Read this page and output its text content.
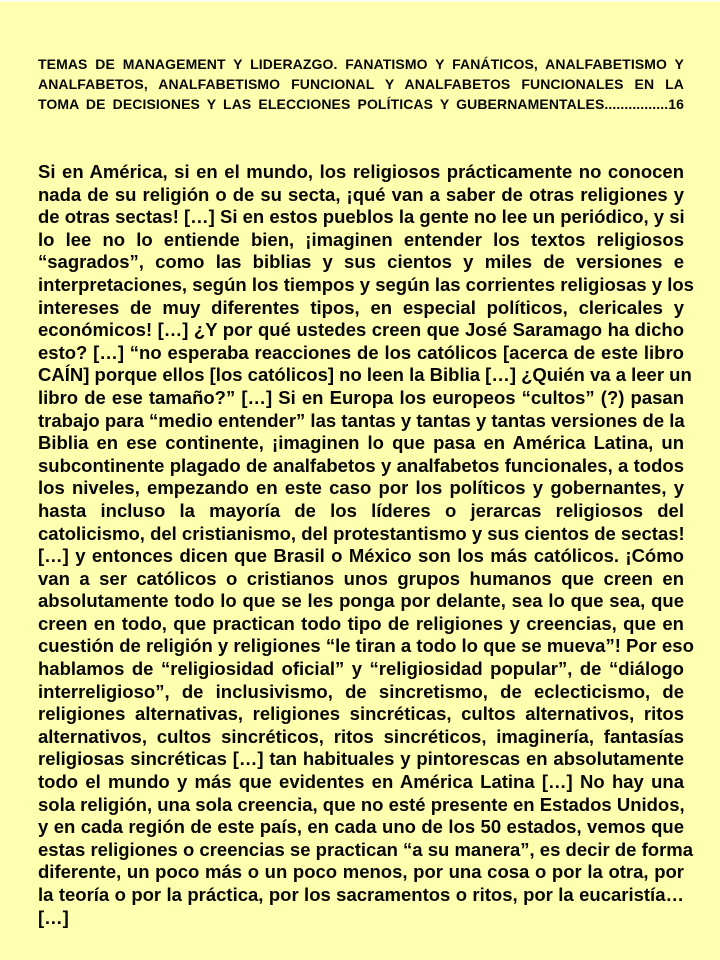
TEMAS DE MANAGEMENT Y LIDERAZGO. FANATISMO Y FANÁTICOS, ANALFABETISMO Y
ANALFABETOS, ANALFABETISMO FUNCIONAL Y ANALFABETOS FUNCIONALES EN LA
TOMA DE DECISIONES Y LAS ELECCIONES POLÍTICAS Y GUBERNAMENTALES................16
Si en América, si en el mundo, los religiosos prácticamente no conocen
nada de su religión o de su secta, ¡qué van a saber de otras religiones y
de otras sectas! […] Si en estos pueblos la gente no lee un periódico, y si
lo lee no lo entiende bien, ¡imaginen entender los textos religiosos
“sagrados”, como las biblias y sus cientos y miles de versiones e
interpretaciones, según los tiempos y según las corrientes religiosas y los
intereses de muy diferentes tipos, en especial políticos, clericales y
económicos! […] ¿Y por qué ustedes creen que José Saramago ha dicho
esto? […] “no esperaba reacciones de los católicos [acerca de este libro
CAÍN] porque ellos [los católicos] no leen la Biblia […] ¿Quién va a leer un
libro de ese tamaño?” […] Si en Europa los europeos “cultos” (?) pasan
trabajo para “medio entender” las tantas y tantas y tantas versiones de la
Biblia en ese continente, ¡imaginen lo que pasa en América Latina, un
subcontinente plagado de analfabetos y analfabetos funcionales, a todos
los niveles, empezando en este caso por los políticos y gobernantes, y
hasta incluso la mayoría de los líderes o jerarcas religiosos del
catolicismo, del cristianismo, del protestantismo y sus cientos de sectas!
[…] y entonces dicen que Brasil o México son los más católicos. ¡Cómo
van a ser católicos o cristianos unos grupos humanos que creen en
absolutamente todo lo que se les ponga por delante, sea lo que sea, que
creen en todo, que practican todo tipo de religiones y creencias, que en
cuestión de religión y religiones “le tiran a todo lo que se mueva”! Por eso
hablamos de “religiosidad oficial” y “religiosidad popular”, de “diálogo
interreligioso”, de inclusivismo, de sincretismo, de eclecticismo, de
religiones alternativas, religiones sincréticas, cultos alternativos, ritos
alternativos, cultos sincréticos, ritos sincréticos, imaginería, fantasías
religiosas sincréticas […] tan habituales y pintorescas en absolutamente
todo el mundo y más que evidentes en América Latina […] No hay una
sola religión, una sola creencia, que no esté presente en Estados Unidos,
y en cada región de este país, en cada uno de los 50 estados, vemos que
estas religiones o creencias se practican “a su manera”, es decir de forma
diferente, un poco más o un poco menos, por una cosa o por la otra, por
la teoría o por la práctica, por los sacramentos o ritos, por la eucaristía…
[…]
